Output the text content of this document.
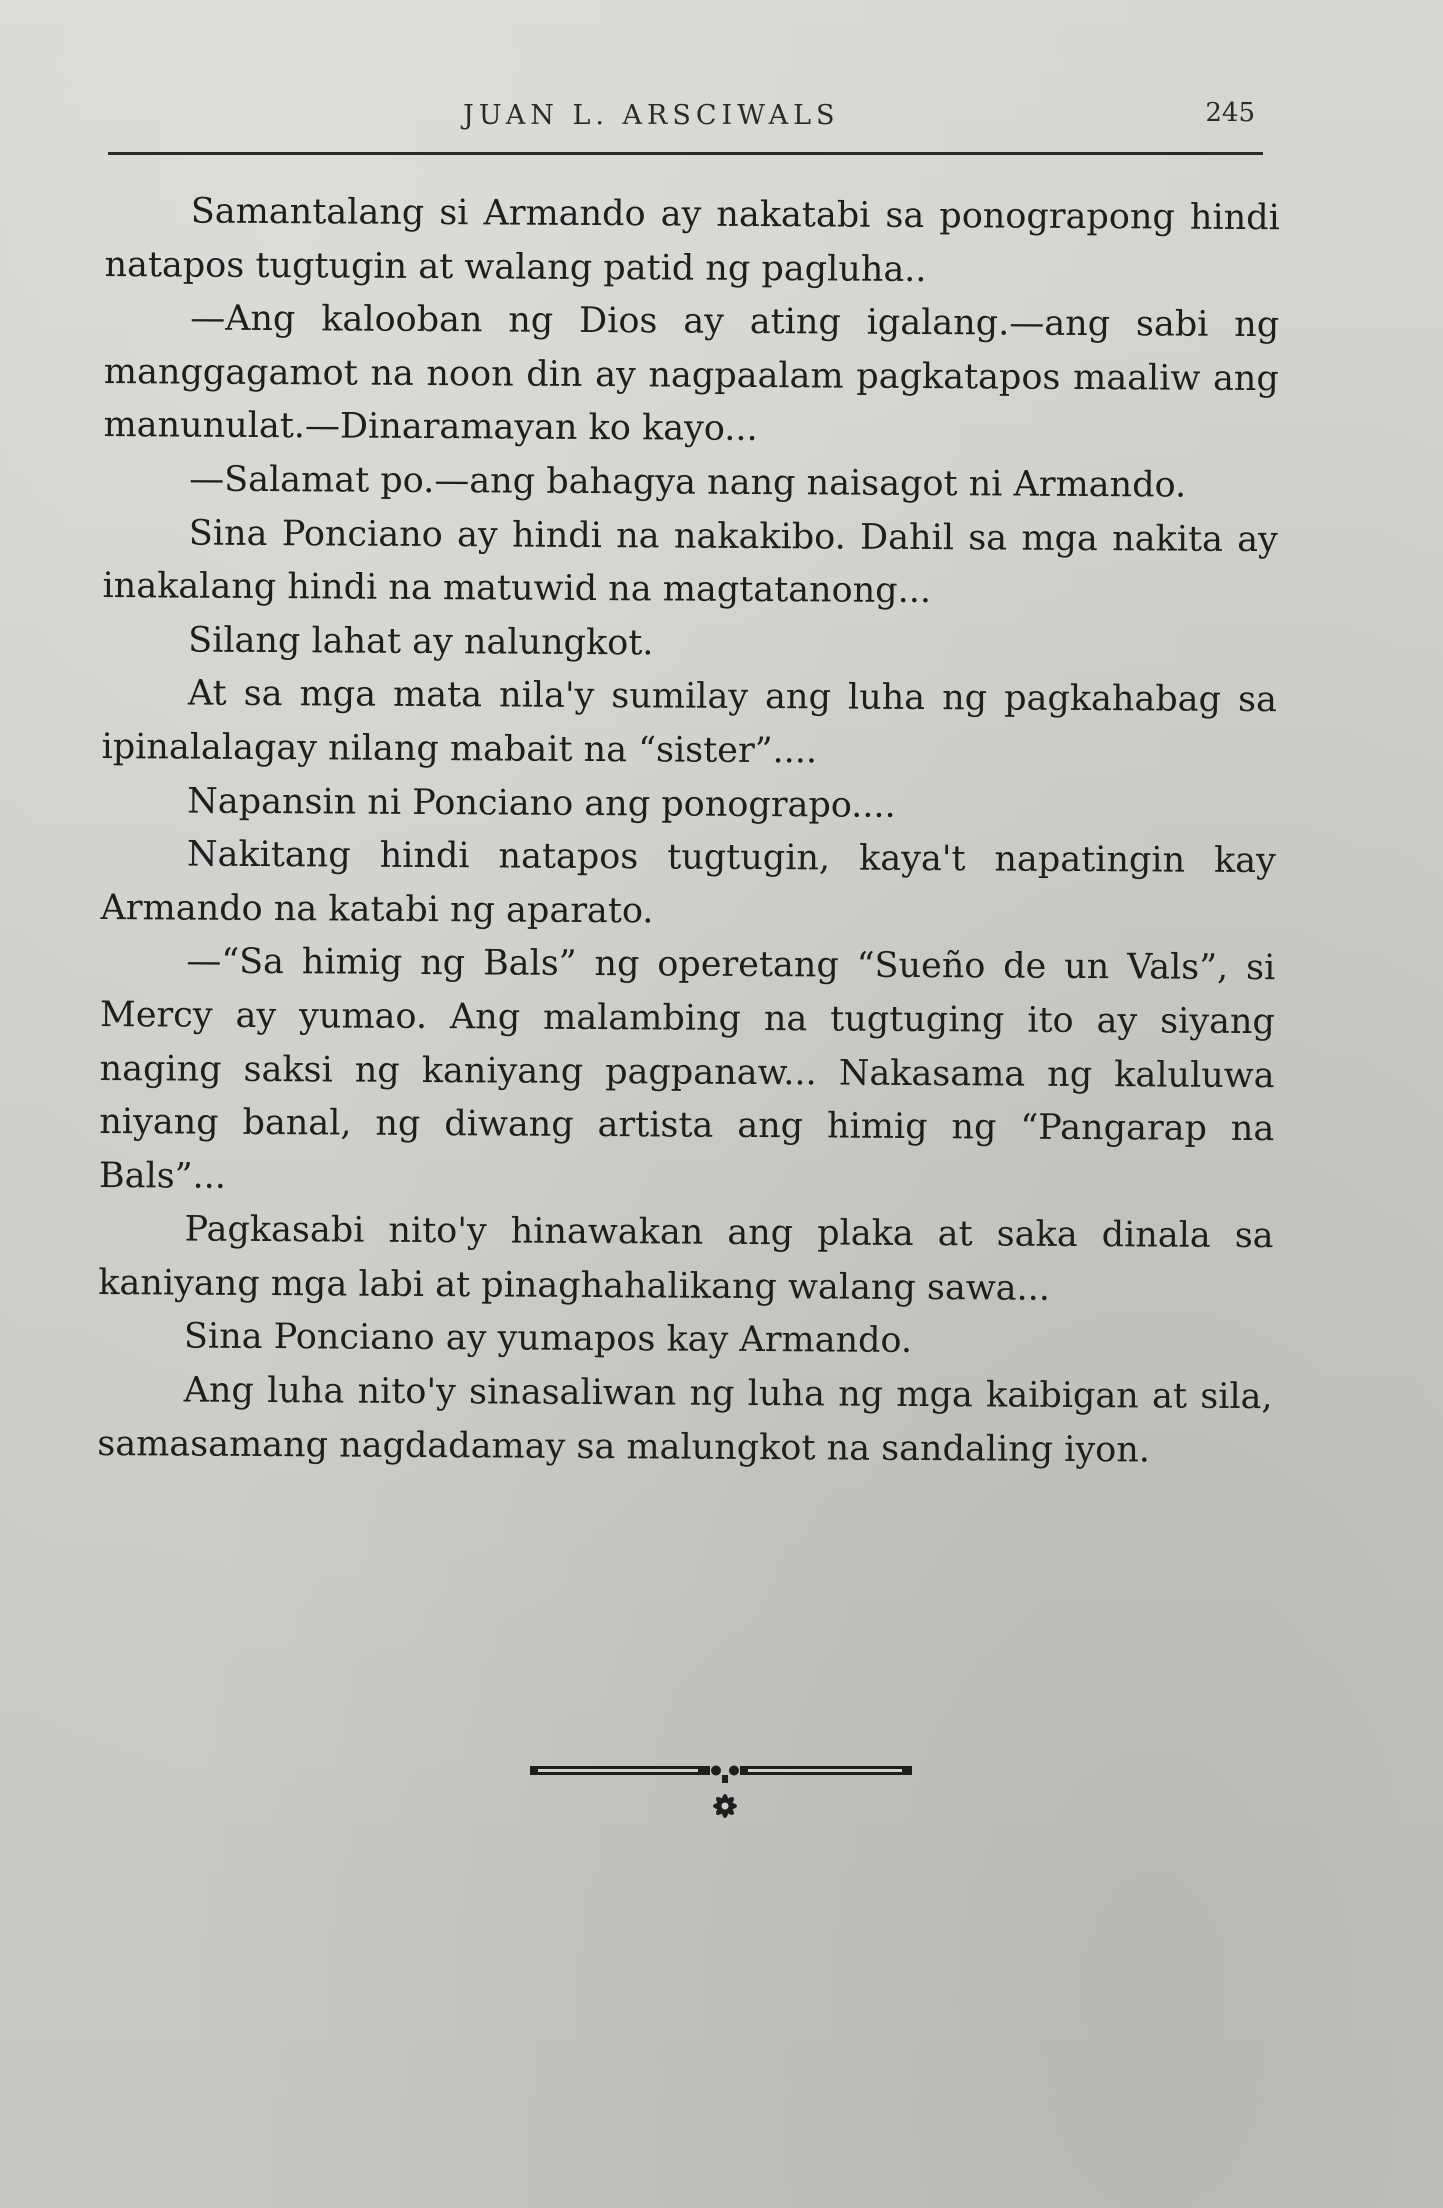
JUAN L. ARSCIWALS	245

Samantalang si Armando ay nakatabi sa ponograpong hindi natapos tugtugin at walang patid ng pagluha..

—Ang kalooban ng Dios ay ating igalang.—ang sabi ng manggagamot na noon din ay nagpaalam pagkatapos maaliw ang manunulat.—Dinaramayan ko kayo...

—Salamat po.—ang bahagya nang naisagot ni Armando.

Sina Ponciano ay hindi na nakakibo. Dahil sa mga nakita ay inakalang hindi na matuwid na magtatanong...

Silang lahat ay nalungkot.

At sa mga mata nila'y sumilay ang luha ng pagkahabag sa ipinalalagay nilang mabait na “sister”....

Napansin ni Ponciano ang ponograpo....

Nakitang hindi natapos tugtugin, kaya't napatingin kay Armando na katabi ng aparato.

—“Sa himig ng Bals” ng operetang “Sueño de un Vals”, si Mercy ay yumao. Ang malambing na tugtuging ito ay siyang naging saksi ng kaniyang pagpanaw... Nakasama ng kaluluwa niyang banal, ng diwang artista ang himig ng “Pangarap na Bals”...

Pagkasabi nito'y hinawakan ang plaka at saka dinala sa kaniyang mga labi at pinaghahalikang walang sawa...

Sina Ponciano ay yumapos kay Armando.

Ang luha nito'y sinasaliwan ng luha ng mga kaibigan at sila, samasamang nagdadamay sa malungkot na sandaling iyon.
